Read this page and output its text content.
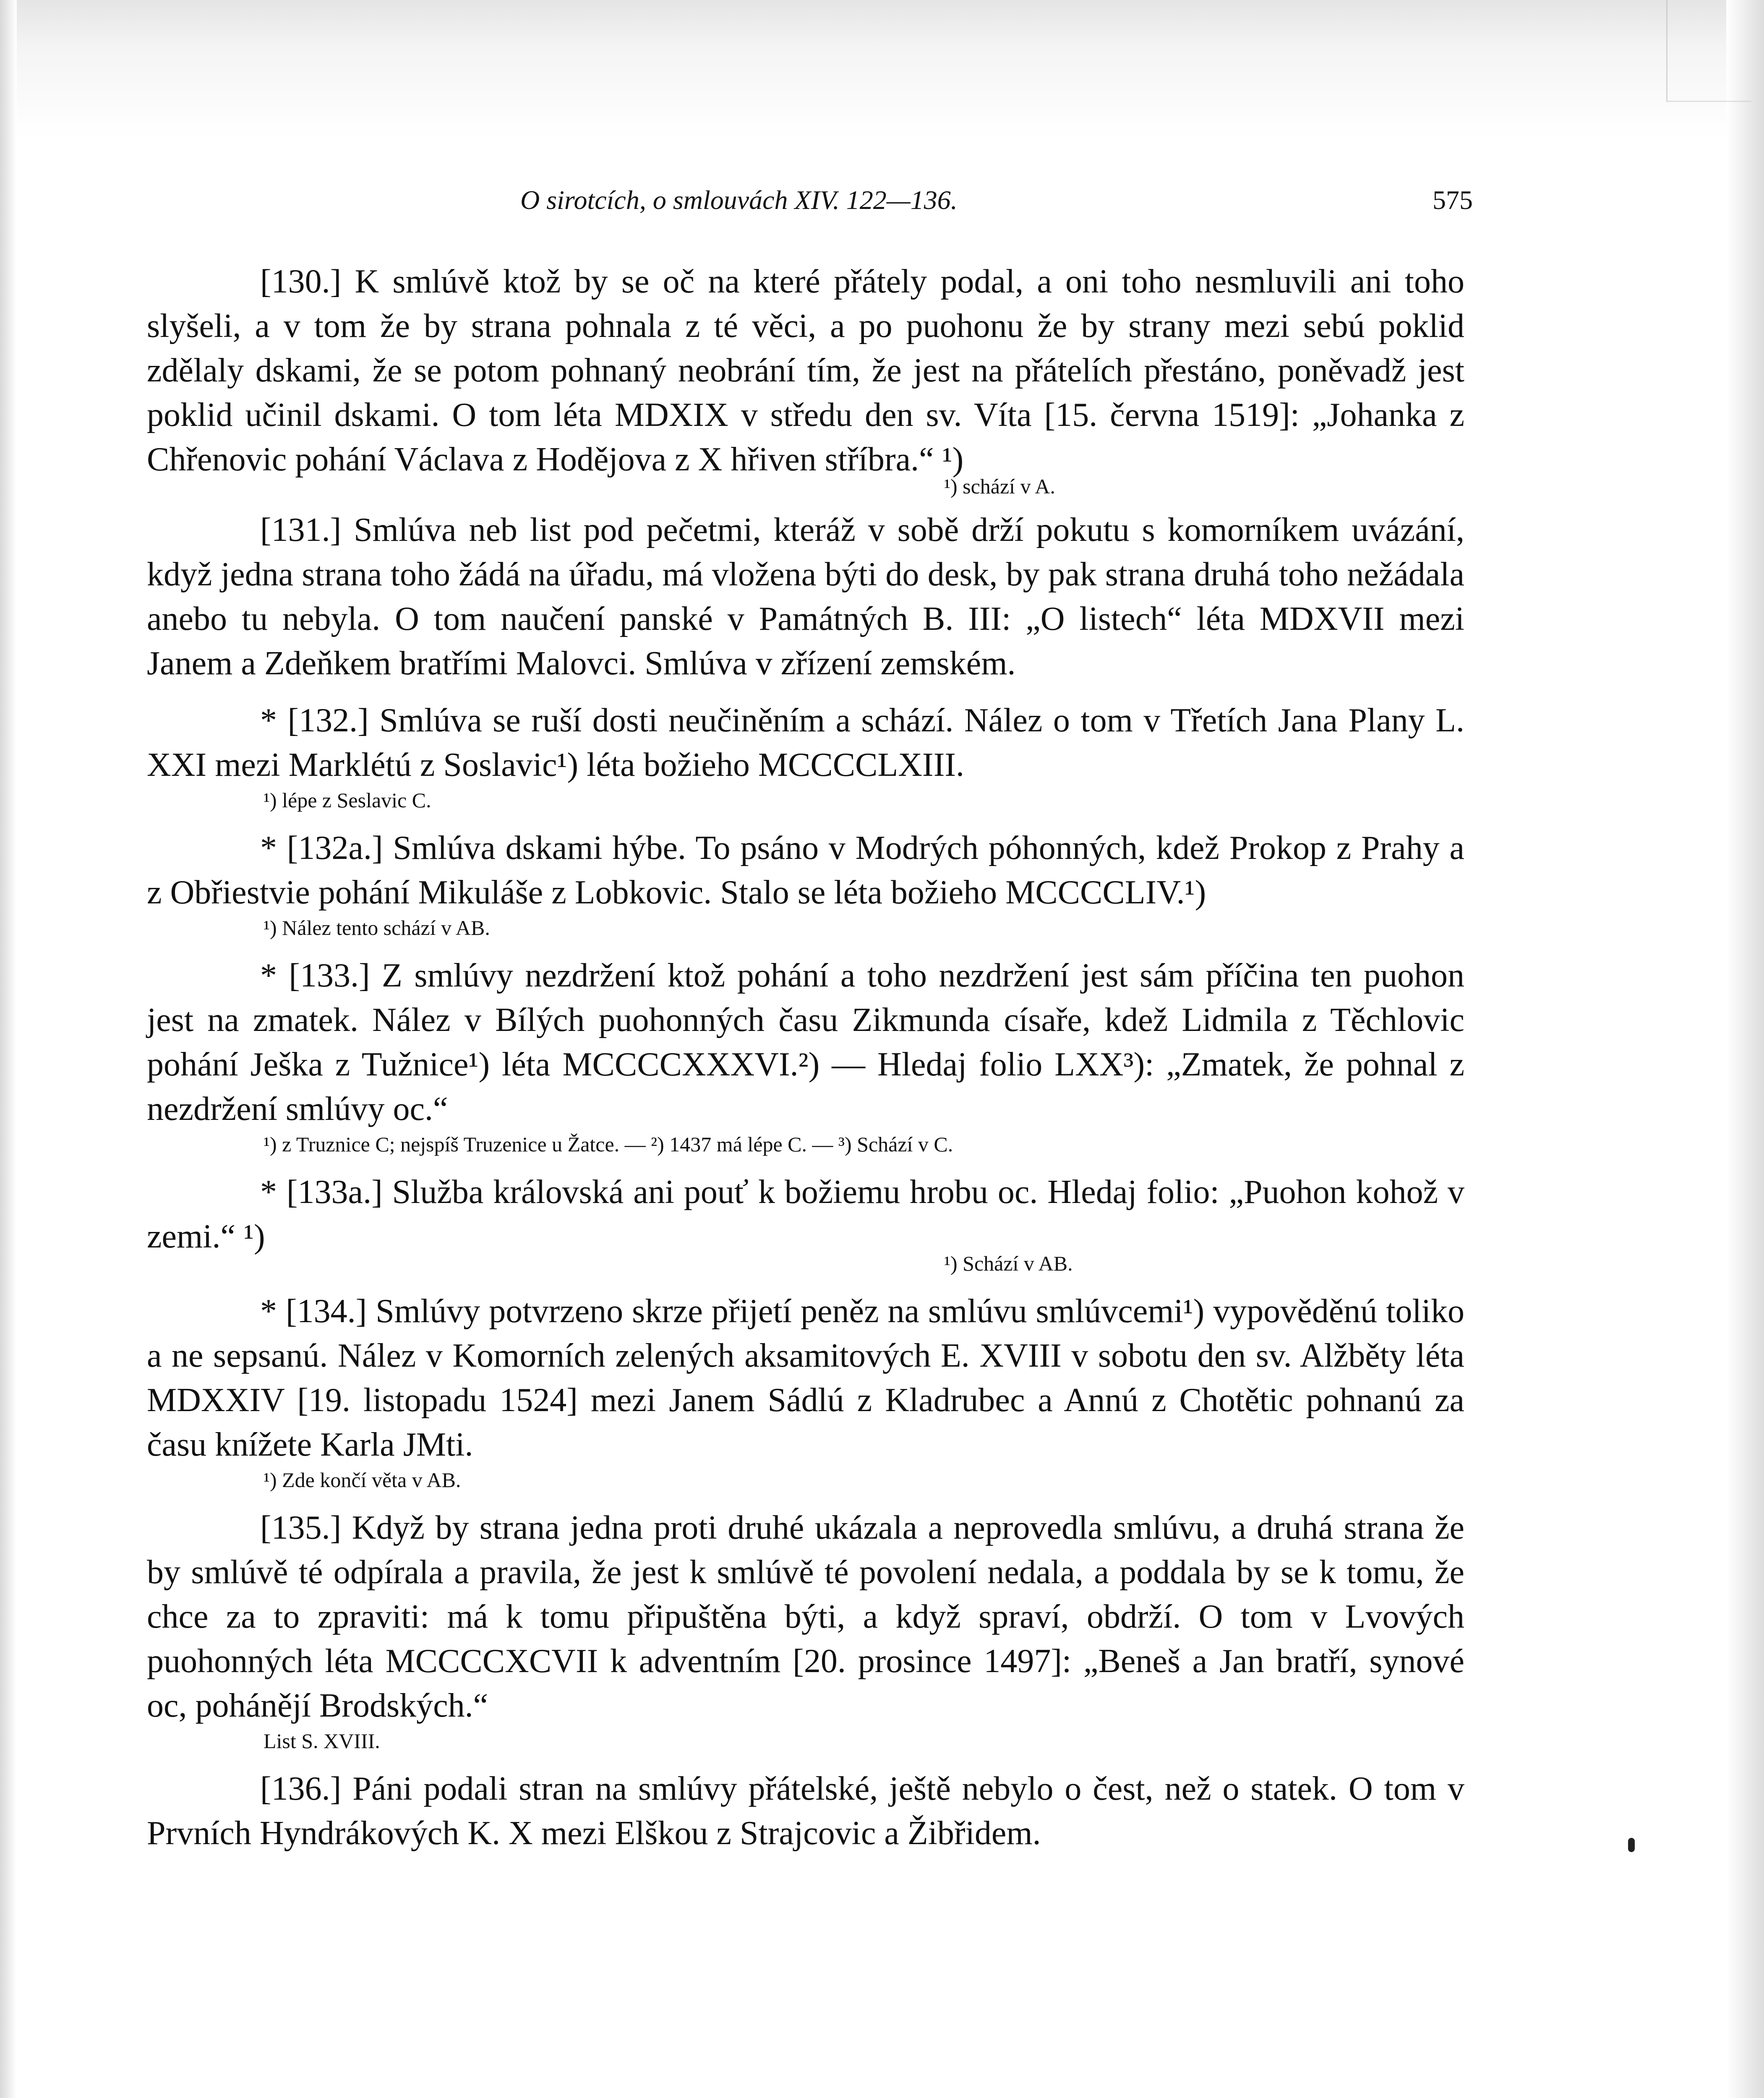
O sirotcích, o smlouvách XIV. 122—136.	575

[130.] K smlúvě ktož by se oč na které přátely podal, a oni toho nesmluvili ani toho slyšeli, a v tom že by strana pohnala z té věci, a po puohonu že by strany mezi sebú poklid zdělaly dskami, že se potom pohnaný neobrání tím, že jest na přátelích přestáno, poněvadž jest poklid učinil dskami. O tom léta MDXIX v středu den sv. Víta [15. června 1519]: „Johanka z Chřenovic pohání Václava z Hodějova z X hřiven stříbra.“ ¹)

¹) schází v A.

[131.] Smlúva neb list pod pečetmi, kteráž v sobě drží pokutu s komorníkem uvázání, když jedna strana toho žádá na úřadu, má vložena býti do desk, by pak strana druhá toho nežádala anebo tu nebyla. O tom naučení panské v Památných B. III: „O listech“ léta MDXVII mezi Janem a Zdeňkem bratřími Malovci. Smlúva v zřízení zemském.

* [132.] Smlúva se ruší dosti neučiněním a schází. Nález o tom v Třetích Jana Plany L. XXI mezi Marklétú z Soslavic¹) léta božieho MCCCCLXIII.

¹) lépe z Seslavic C.

* [132a.] Smlúva dskami hýbe. To psáno v Modrých póhonných, kdež Prokop z Prahy a z Obřiestvie pohání Mikuláše z Lobkovic. Stalo se léta božieho MCCCCLIV.¹)

¹) Nález tento schází v AB.

* [133.] Z smlúvy nezdržení ktož pohání a toho nezdržení jest sám příčina ten puohon jest na zmatek. Nález v Bílých puohonných času Zikmunda císaře, kdež Lidmila z Těchlovic pohání Ješka z Tužnice¹) léta MCCCCXXXVI.²) — Hledaj folio LXX³): „Zmatek, že pohnal z nezdržení smlúvy oc.“

¹) z Truznice C; nejspíš Truzenice u Žatce. — ²) 1437 má lépe C. — ³) Schází v C.

* [133a.] Služba královská ani pouť k božiemu hrobu oc. Hledaj folio: „Puohon kohož v zemi.“ ¹)

¹) Schází v AB.

* [134.] Smlúvy potvrzeno skrze přijetí peněz na smlúvu smlúvcemi¹) vypověděnú toliko a ne sepsanú. Nález v Komorních zelených aksamitových E. XVIII v sobotu den sv. Alžběty léta MDXXIV [19. listopadu 1524] mezi Janem Sádlú z Kladrubec a Annú z Chotětic pohnanú za času knížete Karla JMti.

¹) Zde končí věta v AB.

[135.] Když by strana jedna proti druhé ukázala a neprovedla smlúvu, a druhá strana že by smlúvě té odpírala a pravila, že jest k smlúvě té povolení nedala, a poddala by se k tomu, že chce za to zpraviti: má k tomu připuštěna býti, a když spraví, obdrží. O tom v Lvových puohonných léta MCCCCXCVII k adventním [20. prosince 1497]: „Beneš a Jan bratří, synové oc, pohánějí Brodských.“

List S. XVIII.

[136.] Páni podali stran na smlúvy přátelské, ještě nebylo o čest, než o statek. O tom v Prvních Hyndrákových K. X mezi Elškou z Strajcovic a Žibřidem.
